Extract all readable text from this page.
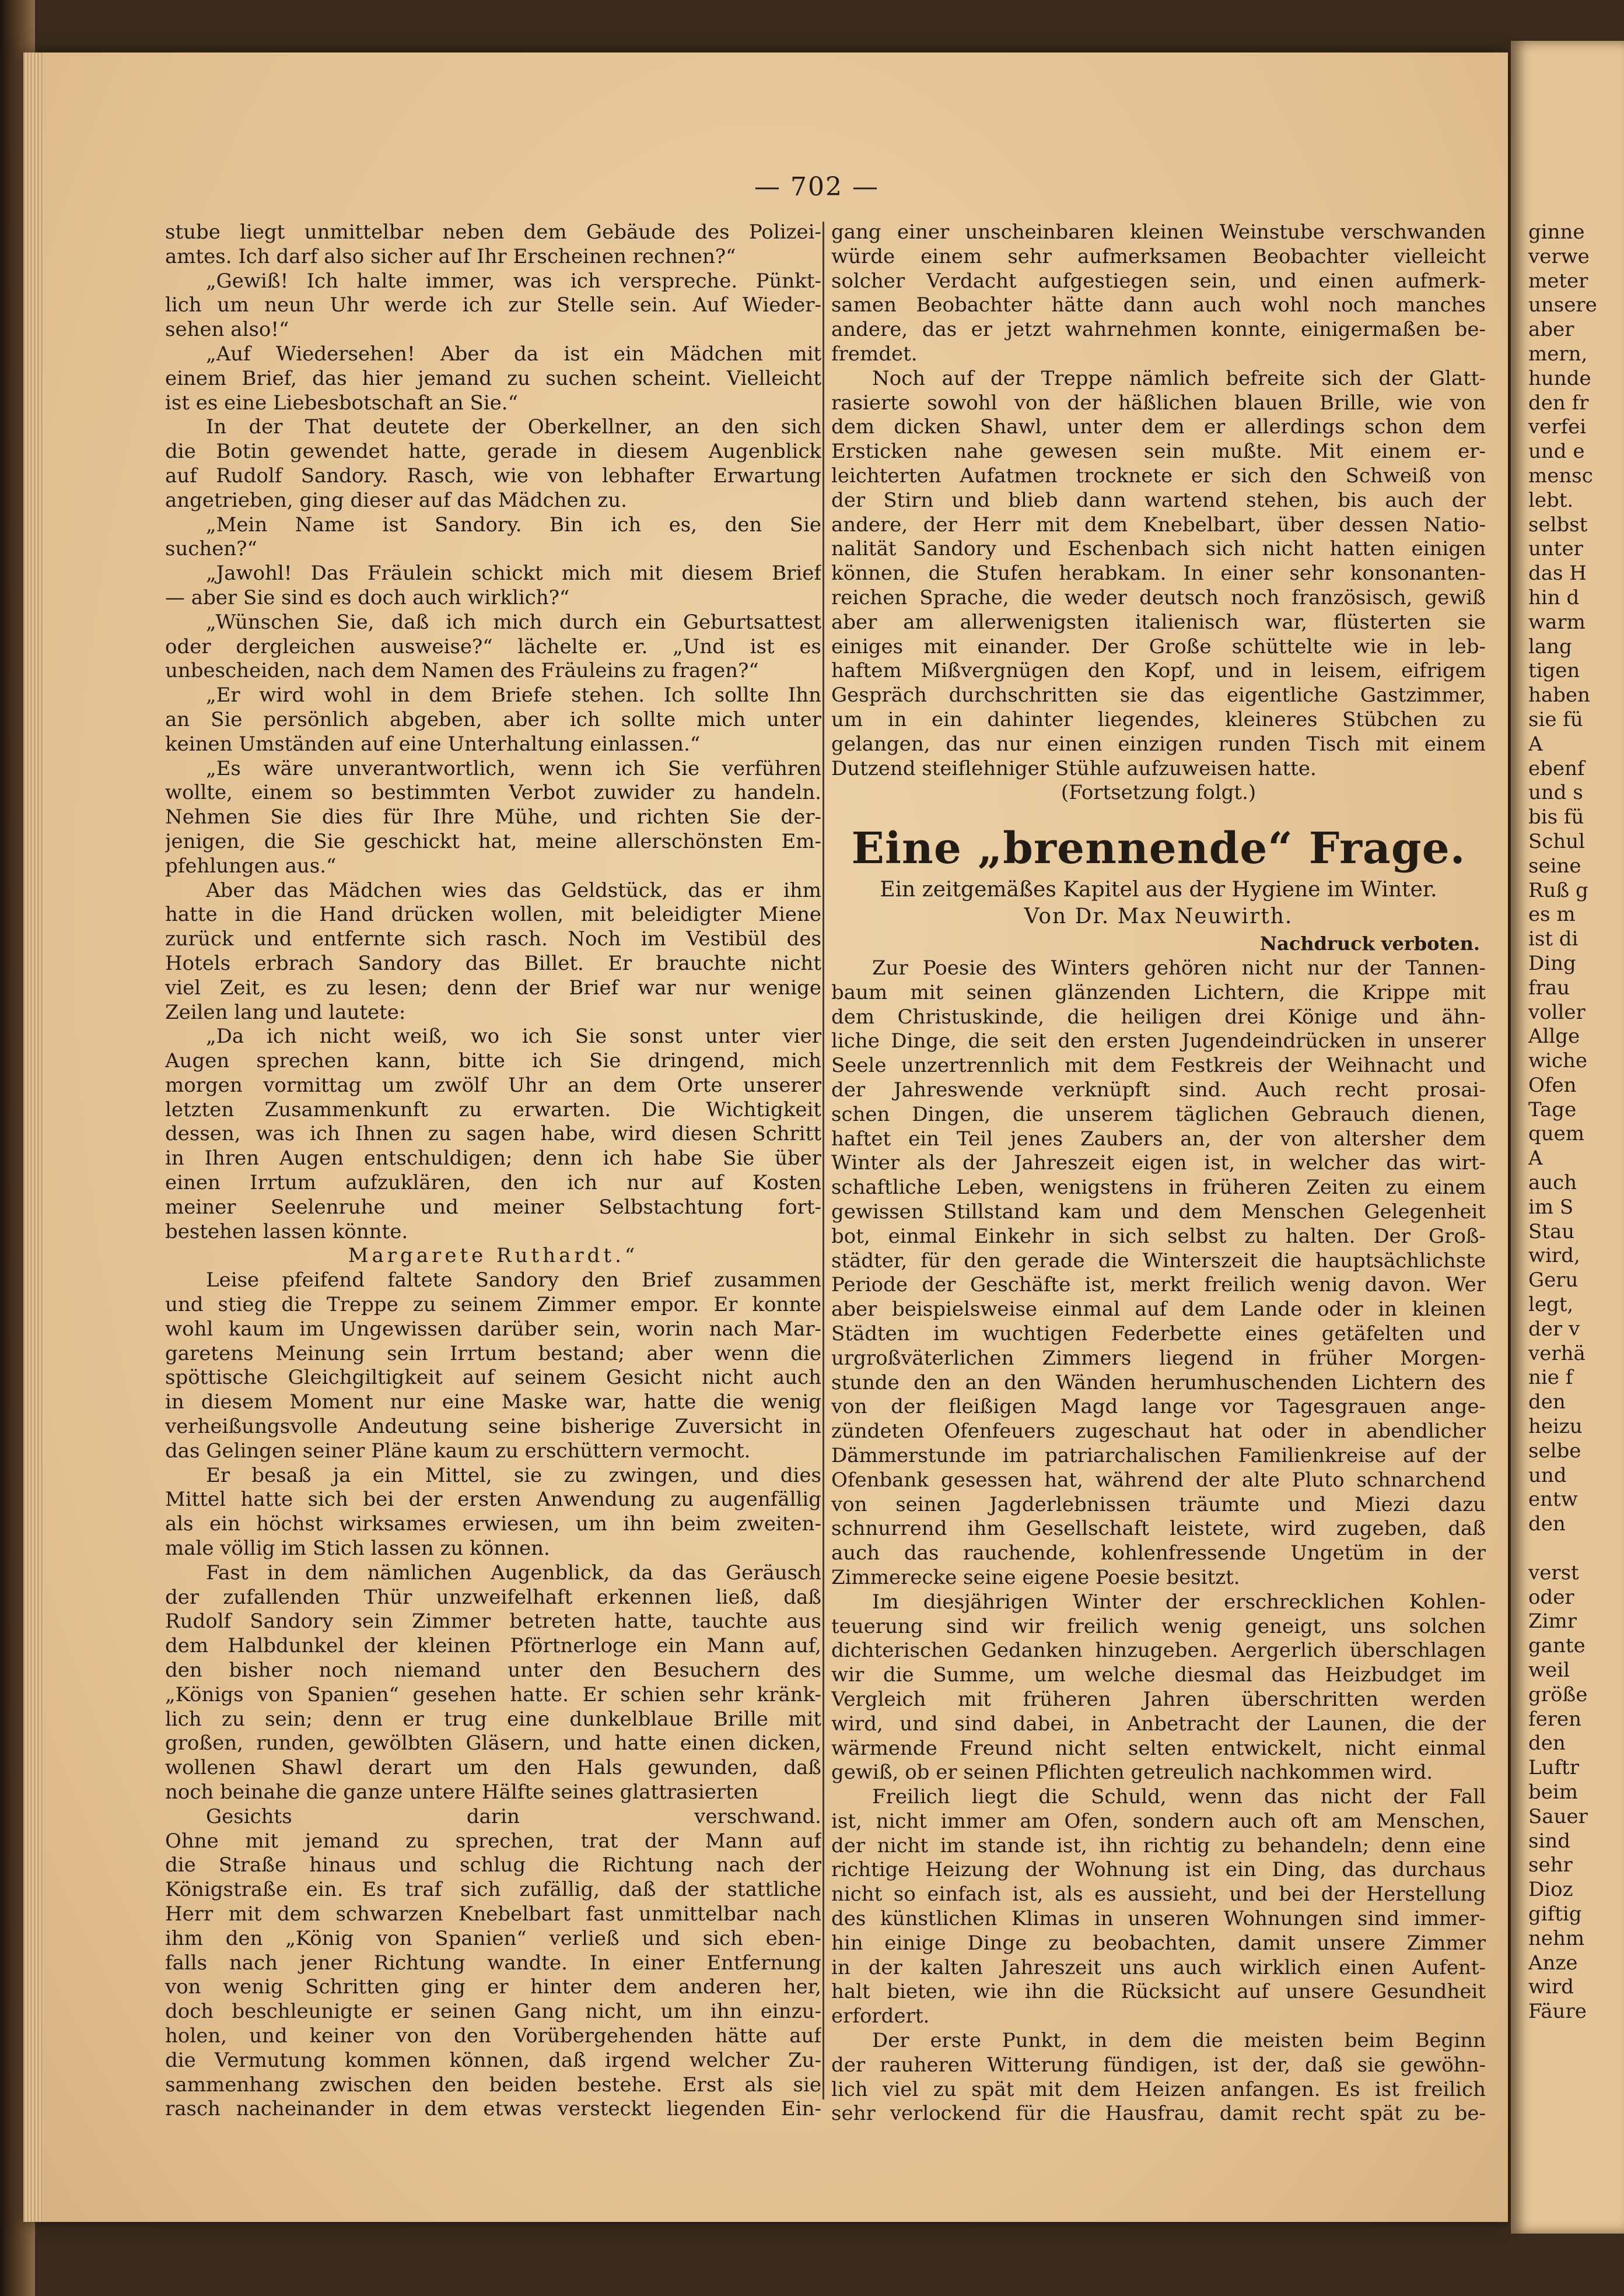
ginne
verwe
meter
unsere
aber
mern,
hunde
den fr
verfei
und e
mensc
lebt.
selbst
unter
das H
hin d
warm
lang
tigen
haben
sie fü
A
ebenf
und s
bis fü
Schul
seine
Ruß g
es m
ist di
Ding
frau
voller
Allge
wiche
Ofen
Tage
quem
A
auch
im S
Stau
wird,
Geru
legt,
der v
verhä
nie f
den
heizu
selbe
und
entw
den
verst
oder
Zimr
gante
weil
größe
feren
den
Luftr
beim
Sauer
sind
sehr
Dioz
giftig
nehm
Anze
wird
Fäure
— 702 —
stube liegt unmittelbar neben dem Gebäude des Polizei-
amtes. Ich darf also sicher auf Ihr Erscheinen rechnen?“
„Gewiß! Ich halte immer, was ich verspreche. Pünkt-
lich um neun Uhr werde ich zur Stelle sein. Auf Wieder-
sehen also!“
„Auf Wiedersehen! Aber da ist ein Mädchen mit
einem Brief, das hier jemand zu suchen scheint. Vielleicht
ist es eine Liebesbotschaft an Sie.“
In der That deutete der Oberkellner, an den sich
die Botin gewendet hatte, gerade in diesem Augenblick
auf Rudolf Sandory. Rasch, wie von lebhafter Erwartung
angetrieben, ging dieser auf das Mädchen zu.
„Mein Name ist Sandory. Bin ich es, den Sie
suchen?“
„Jawohl! Das Fräulein schickt mich mit diesem Brief
— aber Sie sind es doch auch wirklich?“
„Wünschen Sie, daß ich mich durch ein Geburtsattest
oder dergleichen ausweise?“ lächelte er. „Und ist es
unbescheiden, nach dem Namen des Fräuleins zu fragen?“
„Er wird wohl in dem Briefe stehen. Ich sollte Ihn
an Sie persönlich abgeben, aber ich sollte mich unter
keinen Umständen auf eine Unterhaltung einlassen.“
„Es wäre unverantwortlich, wenn ich Sie verführen
wollte, einem so bestimmten Verbot zuwider zu handeln.
Nehmen Sie dies für Ihre Mühe, und richten Sie der-
jenigen, die Sie geschickt hat, meine allerschönsten Em-
pfehlungen aus.“
Aber das Mädchen wies das Geldstück, das er ihm
hatte in die Hand drücken wollen, mit beleidigter Miene
zurück und entfernte sich rasch. Noch im Vestibül des
Hotels erbrach Sandory das Billet. Er brauchte nicht
viel Zeit, es zu lesen; denn der Brief war nur wenige
Zeilen lang und lautete:
„Da ich nicht weiß, wo ich Sie sonst unter vier
Augen sprechen kann, bitte ich Sie dringend, mich
morgen vormittag um zwölf Uhr an dem Orte unserer
letzten Zusammenkunft zu erwarten. Die Wichtigkeit
dessen, was ich Ihnen zu sagen habe, wird diesen Schritt
in Ihren Augen entschuldigen; denn ich habe Sie über
einen Irrtum aufzuklären, den ich nur auf Kosten
meiner Seelenruhe und meiner Selbstachtung fort-
bestehen lassen könnte.
Margarete Ruthardt.“
Leise pfeifend faltete Sandory den Brief zusammen
und stieg die Treppe zu seinem Zimmer empor. Er konnte
wohl kaum im Ungewissen darüber sein, worin nach Mar-
garetens Meinung sein Irrtum bestand; aber wenn die
spöttische Gleichgiltigkeit auf seinem Gesicht nicht auch
in diesem Moment nur eine Maske war, hatte die wenig
verheißungsvolle Andeutung seine bisherige Zuversicht in
das Gelingen seiner Pläne kaum zu erschüttern vermocht.
Er besaß ja ein Mittel, sie zu zwingen, und dies
Mittel hatte sich bei der ersten Anwendung zu augenfällig
als ein höchst wirksames erwiesen, um ihn beim zweiten-
male völlig im Stich lassen zu können.
Fast in dem nämlichen Augenblick, da das Geräusch
der zufallenden Thür unzweifelhaft erkennen ließ, daß
Rudolf Sandory sein Zimmer betreten hatte, tauchte aus
dem Halbdunkel der kleinen Pförtnerloge ein Mann auf,
den bisher noch niemand unter den Besuchern des
„Königs von Spanien“ gesehen hatte. Er schien sehr kränk-
lich zu sein; denn er trug eine dunkelblaue Brille mit
großen, runden, gewölbten Gläsern, und hatte einen dicken,
wollenen Shawl derart um den Hals gewunden, daß
noch beinahe die ganze untere Hälfte seines glattrasierten
Gesichts darin verschwand.
Ohne mit jemand zu sprechen, trat der Mann auf
die Straße hinaus und schlug die Richtung nach der
Königstraße ein. Es traf sich zufällig, daß der stattliche
Herr mit dem schwarzen Knebelbart fast unmittelbar nach
ihm den „König von Spanien“ verließ und sich eben-
falls nach jener Richtung wandte. In einer Entfernung
von wenig Schritten ging er hinter dem anderen her,
doch beschleunigte er seinen Gang nicht, um ihn einzu-
holen, und keiner von den Vorübergehenden hätte auf
die Vermutung kommen können, daß irgend welcher Zu-
sammenhang zwischen den beiden bestehe. Erst als sie
rasch nacheinander in dem etwas versteckt liegenden Ein-
gang einer unscheinbaren kleinen Weinstube verschwanden
würde einem sehr aufmerksamen Beobachter vielleicht
solcher Verdacht aufgestiegen sein, und einen aufmerk-
samen Beobachter hätte dann auch wohl noch manches
andere, das er jetzt wahrnehmen konnte, einigermaßen be-
fremdet.
Noch auf der Treppe nämlich befreite sich der Glatt-
rasierte sowohl von der häßlichen blauen Brille, wie von
dem dicken Shawl, unter dem er allerdings schon dem
Ersticken nahe gewesen sein mußte. Mit einem er-
leichterten Aufatmen trocknete er sich den Schweiß von
der Stirn und blieb dann wartend stehen, bis auch der
andere, der Herr mit dem Knebelbart, über dessen Natio-
nalität Sandory und Eschenbach sich nicht hatten einigen
können, die Stufen herabkam. In einer sehr konsonanten-
reichen Sprache, die weder deutsch noch französisch, gewiß
aber am allerwenigsten italienisch war, flüsterten sie
einiges mit einander. Der Große schüttelte wie in leb-
haftem Mißvergnügen den Kopf, und in leisem, eifrigem
Gespräch durchschritten sie das eigentliche Gastzimmer,
um in ein dahinter liegendes, kleineres Stübchen zu
gelangen, das nur einen einzigen runden Tisch mit einem
Dutzend steiflehniger Stühle aufzuweisen hatte.
(Fortsetzung folgt.)
Eine „brennende“ Frage.
Ein zeitgemäßes Kapitel aus der Hygiene im Winter.
Von Dr. Max Neuwirth.
Nachdruck verboten.
Zur Poesie des Winters gehören nicht nur der Tannen-
baum mit seinen glänzenden Lichtern, die Krippe mit
dem Christuskinde, die heiligen drei Könige und ähn-
liche Dinge, die seit den ersten Jugendeindrücken in unserer
Seele unzertrennlich mit dem Festkreis der Weihnacht und
der Jahreswende verknüpft sind. Auch recht prosai-
schen Dingen, die unserem täglichen Gebrauch dienen,
haftet ein Teil jenes Zaubers an, der von altersher dem
Winter als der Jahreszeit eigen ist, in welcher das wirt-
schaftliche Leben, wenigstens in früheren Zeiten zu einem
gewissen Stillstand kam und dem Menschen Gelegenheit
bot, einmal Einkehr in sich selbst zu halten. Der Groß-
städter, für den gerade die Winterszeit die hauptsächlichste
Periode der Geschäfte ist, merkt freilich wenig davon. Wer
aber beispielsweise einmal auf dem Lande oder in kleinen
Städten im wuchtigen Federbette eines getäfelten und
urgroßväterlichen Zimmers liegend in früher Morgen-
stunde den an den Wänden herumhuschenden Lichtern des
von der fleißigen Magd lange vor Tagesgrauen ange-
zündeten Ofenfeuers zugeschaut hat oder in abendlicher
Dämmerstunde im patriarchalischen Familienkreise auf der
Ofenbank gesessen hat, während der alte Pluto schnarchend
von seinen Jagderlebnissen träumte und Miezi dazu
schnurrend ihm Gesellschaft leistete, wird zugeben, daß
auch das rauchende, kohlenfressende Ungetüm in der
Zimmerecke seine eigene Poesie besitzt.
Im diesjährigen Winter der erschrecklichen Kohlen-
teuerung sind wir freilich wenig geneigt, uns solchen
dichterischen Gedanken hinzugeben. Aergerlich überschlagen
wir die Summe, um welche diesmal das Heizbudget im
Vergleich mit früheren Jahren überschritten werden
wird, und sind dabei, in Anbetracht der Launen, die der
wärmende Freund nicht selten entwickelt, nicht einmal
gewiß, ob er seinen Pflichten getreulich nachkommen wird.
Freilich liegt die Schuld, wenn das nicht der Fall
ist, nicht immer am Ofen, sondern auch oft am Menschen,
der nicht im stande ist, ihn richtig zu behandeln; denn eine
richtige Heizung der Wohnung ist ein Ding, das durchaus
nicht so einfach ist, als es aussieht, und bei der Herstellung
des künstlichen Klimas in unseren Wohnungen sind immer-
hin einige Dinge zu beobachten, damit unsere Zimmer
in der kalten Jahreszeit uns auch wirklich einen Aufent-
halt bieten, wie ihn die Rücksicht auf unsere Gesundheit
erfordert.
Der erste Punkt, in dem die meisten beim Beginn
der rauheren Witterung fündigen, ist der, daß sie gewöhn-
lich viel zu spät mit dem Heizen anfangen. Es ist freilich
sehr verlockend für die Hausfrau, damit recht spät zu be-
